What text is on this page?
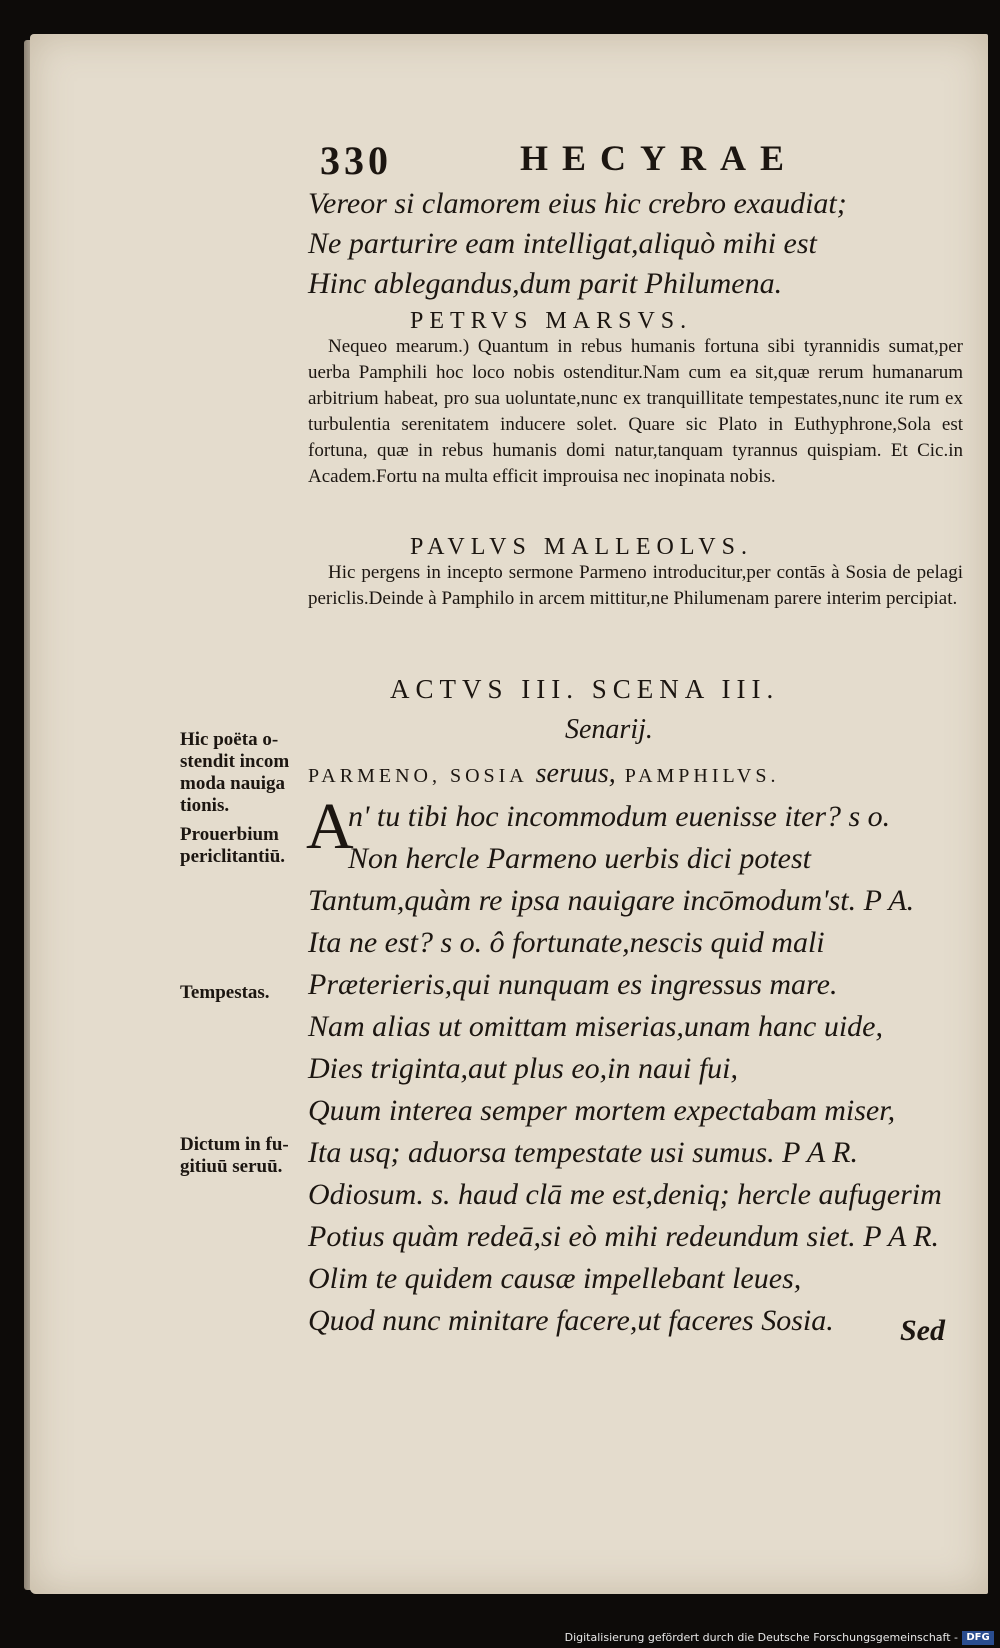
330	HECYRAE
Vereor si clamorem eius hic crebro exaudiat;
Ne parturire eam intelligat,aliquò mihi est
Hinc ablegandus,dum parit Philumena.
PETRVS MARSVS.

Nequeo mearum.) Quantum in rebus humanis fortuna sibi tyrannidis sumat,per uerba Pamphili hoc loco nobis ostenditur.Nam cum ea sit,quæ rerum humanarum arbitrium habeat, pro sua uoluntate,nunc ex tranquillitate tempestates,nunc ite rum ex turbulentia serenitatem inducere solet. Quare sic Plato in Euthyphrone,Sola est fortuna, quæ in rebus humanis domi natur,tanquam tyrannus quispiam. Et Cic.in Academ.Fortu na multa efficit improuisa nec inopinata nobis.

PAVLVS MALLEOLVS.

Hic pergens in incepto sermone Parmeno introducitur,per contās à Sosia de pelagi periclis.Deinde à Pamphilo in arcem mittitur,ne Philumenam parere interim percipiat.

ACTVS III. SCENA III.
Senarij.
PARMENO, SOSIA seruus, PAMPHILVS.
A
n' tu tibi hoc incommodum euenisse iter? s o.
Non hercle Parmeno uerbis dici potest
Tantum,quàm re ipsa nauigare incōmodum'st. P A.
Ita ne est? s o. ô fortunate,nescis quid mali
Præterieris,qui nunquam es ingressus mare.
Nam alias ut omittam miserias,unam hanc uide,
Dies triginta,aut plus eo,in naui fui,
Quum interea semper mortem expectabam miser,
Ita usq; aduorsa tempestate usi sumus. P A R.
Odiosum. s. haud clā me est,deniq; hercle aufugerim
Potius quàm redeā,si eò mihi redeundum siet. P A R.
Olim te quidem causæ impellebant leues,
Quod nunc minitare facere,ut faceres Sosia.
Hic poëta o-
stendit incom
moda nauiga
tionis.
Prouerbium
periclitantiū.
Tempestas.
Dictum in fu-
gitiuū seruū.
Sed
Digitalisierung gefördert durch die Deutsche Forschungsgemeinschaft - DFG
